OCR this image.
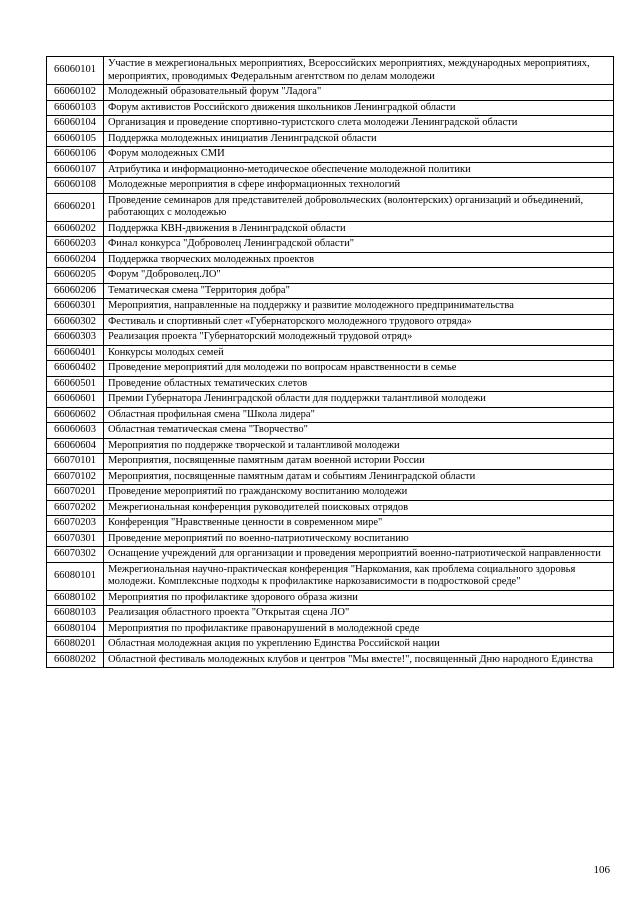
66060101	Участие в межрегиональных мероприятиях, Всероссийских мероприятиях, международных мероприятиях, мероприятих, проводимых Федеральным агентством по делам молодежи
66060102	Молодежный образовательный форум "Ладога"
66060103	Форум активистов Российского движения школьников Ленинградкой области
66060104	Организация и проведение спортивно-туристского слета молодежи Ленинградской области
66060105	Поддержка молодежных инициатив Ленинградской области
66060106	Форум молодежных СМИ
66060107	Атрибутика и информационно-методическое обеспечение молодежной политики
66060108	Молодежные мероприятия в сфере информационных технологий
66060201	Проведение семинаров для представителей добровольческих (волонтерских) организаций и объединений, работающих с молодежью
66060202	Поддержка КВН-движения в Ленинградской области
66060203	Финал конкурса "Доброволец Ленинградской области"
66060204	Поддержка творческих молодежных проектов
66060205	Форум "Доброволец.ЛО"
66060206	Тематическая смена "Территория добра"
66060301	Мероприятия, направленные на поддержку и развитие молодежного предпринимательства
66060302	Фестиваль и спортивный слет «Губернаторского молодежного трудового отряда»
66060303	Реализация проекта "Губернаторский молодежный трудовой отряд»
66060401	Конкурсы молодых семей
66060402	Проведение мероприятий для молодежи по вопросам нравственности в семье
66060501	Проведение областных тематических слетов
66060601	Премии Губернатора Ленинградской области для поддержки талантливой молодежи
66060602	Областная профильная смена "Школа лидера"
66060603	Областная тематическая смена "Творчество"
66060604	Мероприятия по поддержке творческой и талантливой молодежи
66070101	Мероприятия, посвященные памятным датам военной истории России
66070102	Мероприятия, посвященные памятным датам и событиям Ленинградской области
66070201	Проведение мероприятий по гражданскому воспитанию молодежи
66070202	Межрегиональная конференция руководителей поисковых отрядов
66070203	Конференция "Нравственные ценности в современном мире"
66070301	Проведение мероприятий по военно-патриотическому воспитанию
66070302	Оснащение учреждений для организации и проведения мероприятий военно-патриотической направленности
66080101	Межрегиональная научно-практическая конференция "Наркомания, как проблема социального здоровья молодежи. Комплексные подходы к профилактике наркозависимости в подростковой среде"
66080102	Мероприятия по профилактике здорового образа жизни
66080103	Реализация областного проекта "Открытая сцена ЛО"
66080104	Мероприятия по профилактике правонарушений в молодежной среде
66080201	Областная молодежная акция по укреплению Единства Российской нации
66080202	Областной фестиваль молодежных клубов и центров "Мы вместе!", посвященный Дню народного Единства
106
